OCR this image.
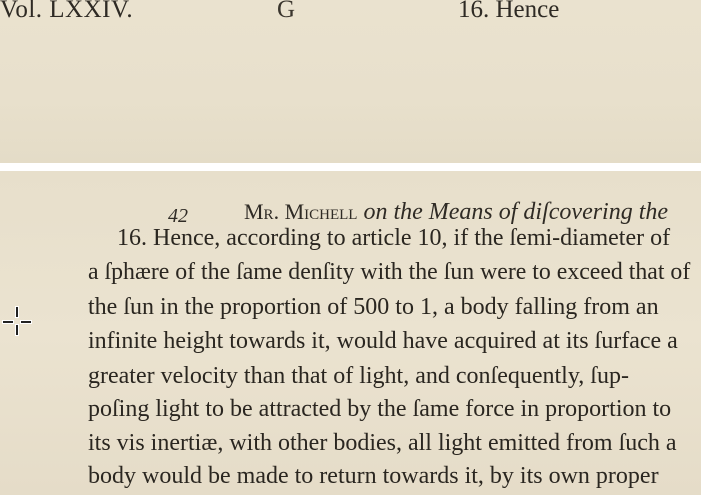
Vol. LXXIV.	G	16. Hence
42	Mr. Michell on the Means of diſcovering the
16. Hence, according to article 10, if the ſemi-diameter of
a ſphære of the ſame denſity with the ſun were to exceed that of
the ſun in the proportion of 500 to 1, a body falling from an
infinite height towards it, would have acquired at its ſurface a
greater velocity than that of light, and conſequently, ſup-
poſing light to be attracted by the ſame force in proportion to
its vis inertiæ, with other bodies, all light emitted from ſuch a
body would be made to return towards it, by its own proper
